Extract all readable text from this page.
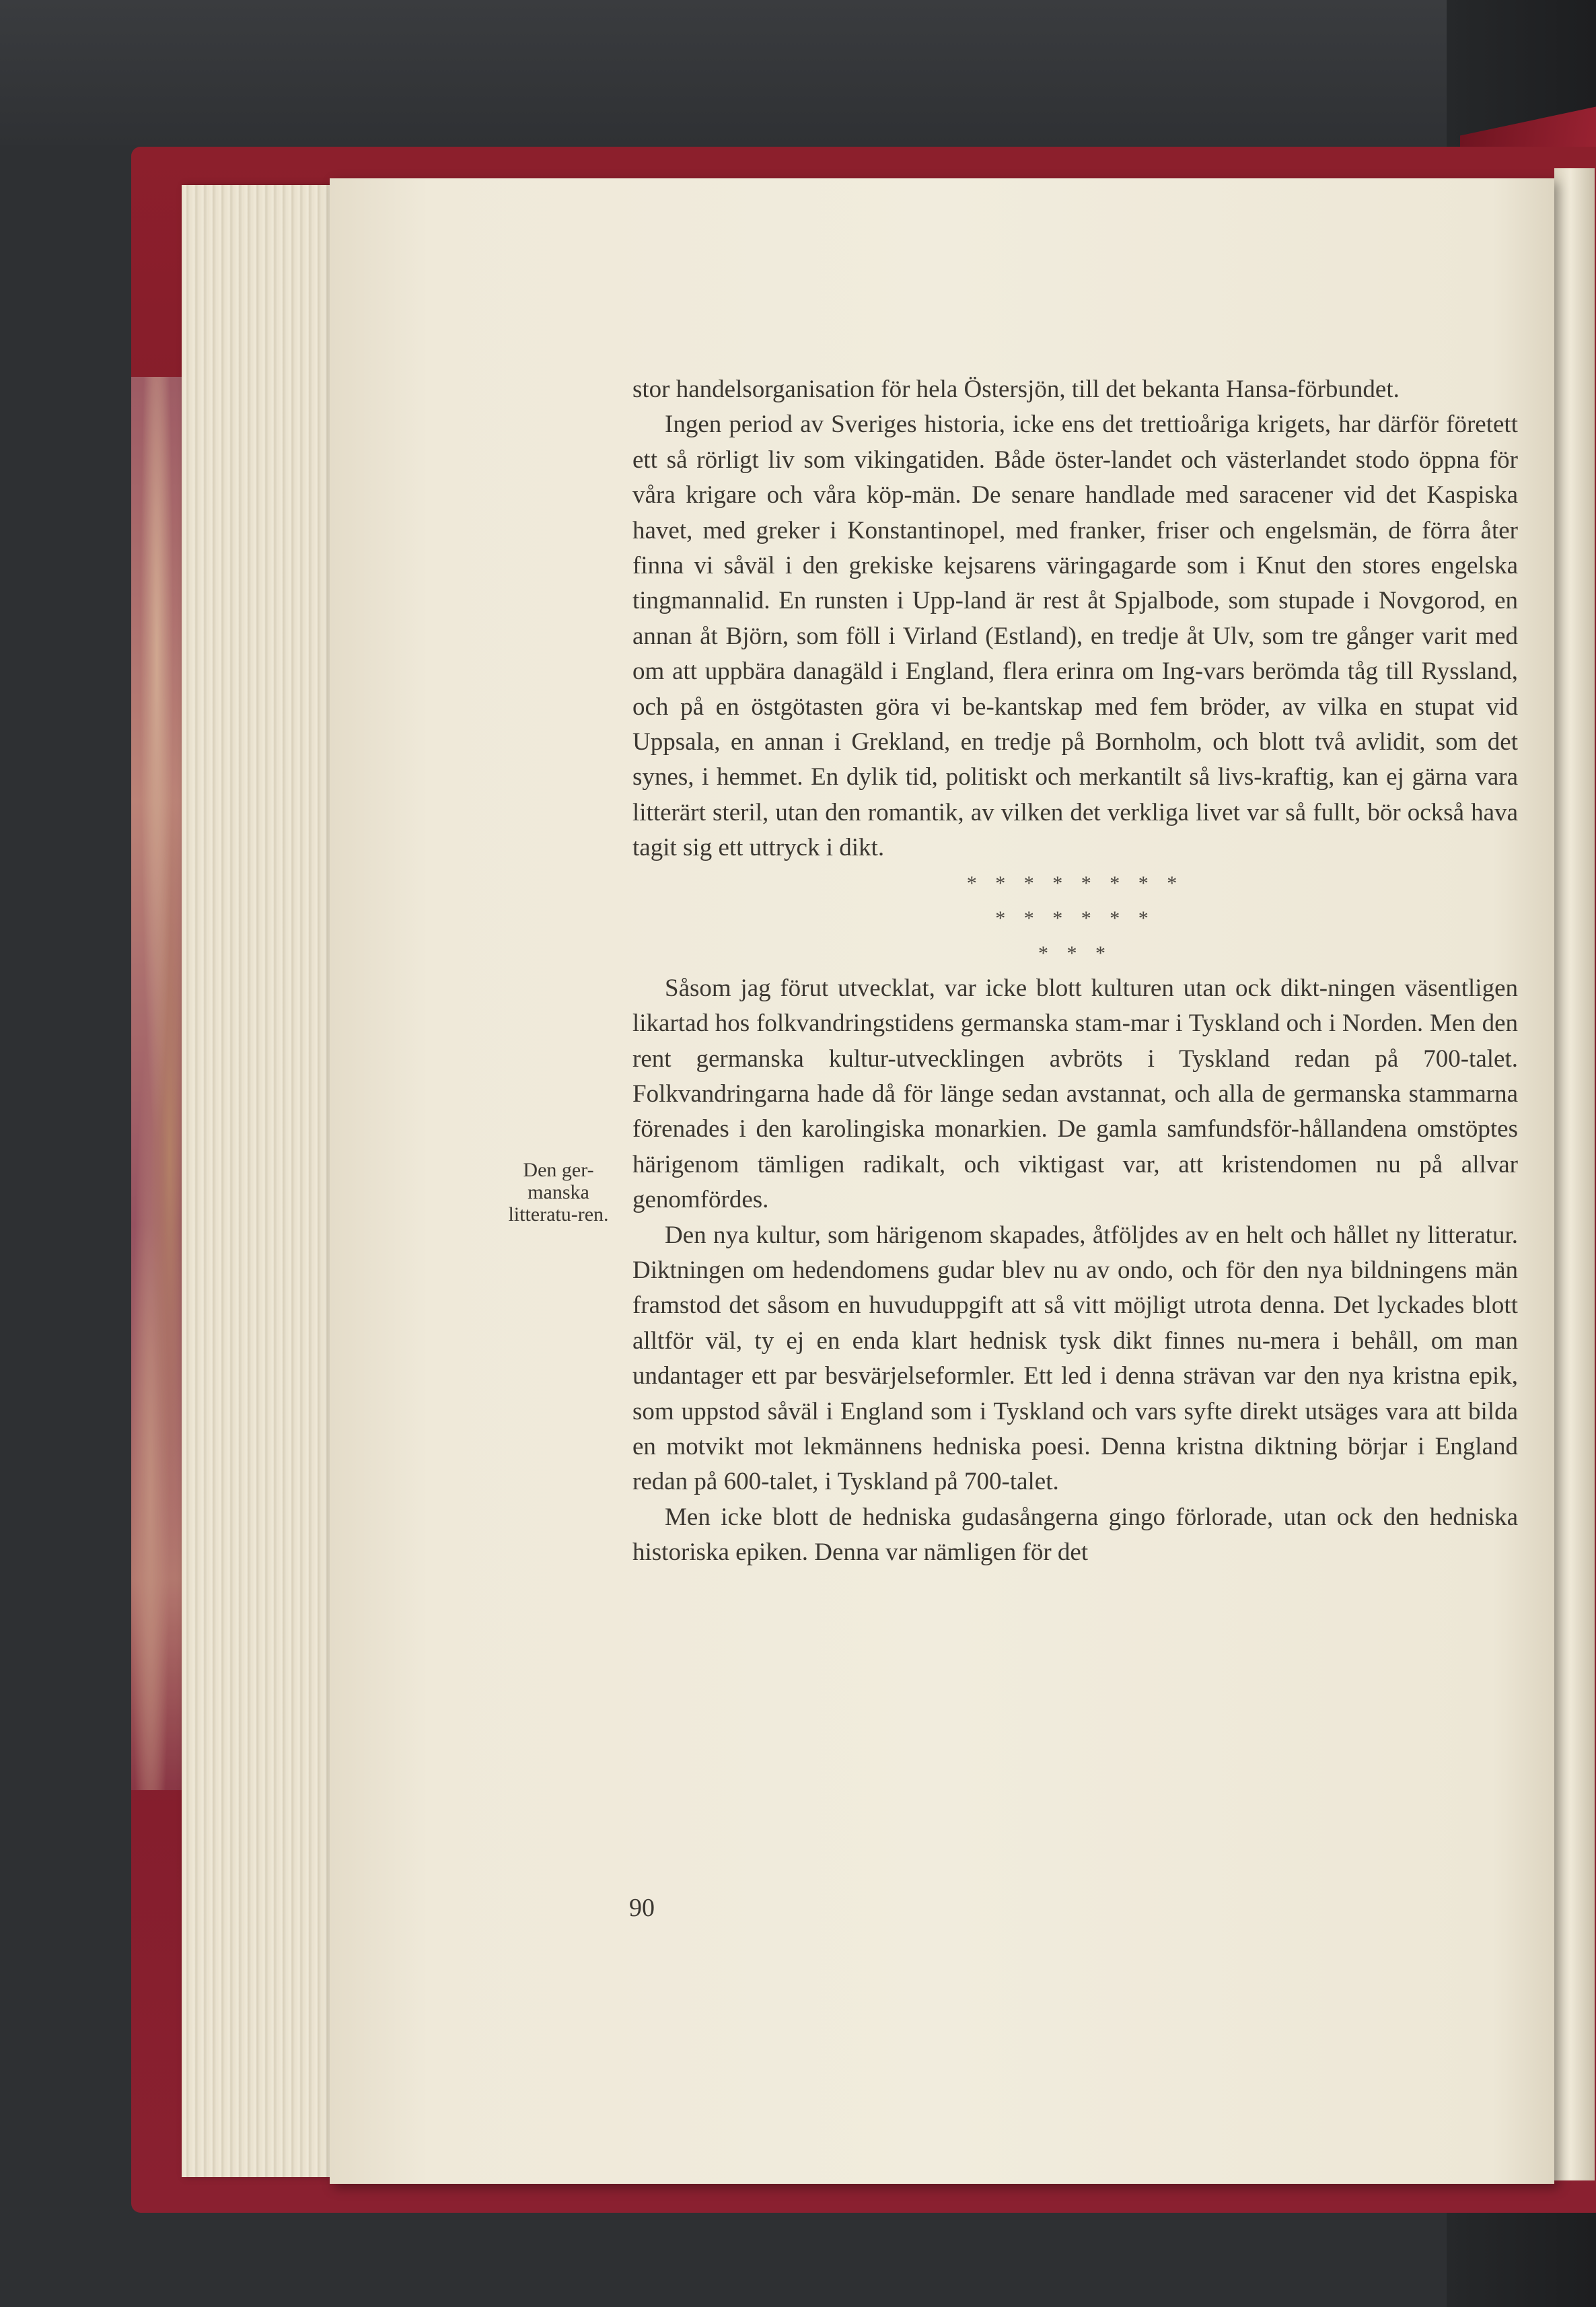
stor handelsorganisation för hela Östersjön, till det bekanta Hansa-förbundet.

Ingen period av Sveriges historia, icke ens det trettioåriga krigets, har därför företett ett så rörligt liv som vikingatiden. Både öster-landet och västerlandet stodo öppna för våra krigare och våra köp-män. De senare handlade med saracener vid det Kaspiska havet, med greker i Konstantinopel, med franker, friser och engelsmän, de förra åter finna vi såväl i den grekiske kejsarens väringagarde som i Knut den stores engelska tingmannalid. En runsten i Upp-land är rest åt Spjalbode, som stupade i Novgorod, en annan åt Björn, som föll i Virland (Estland), en tredje åt Ulv, som tre gånger varit med om att uppbära danagäld i England, flera erinra om Ing-vars berömda tåg till Ryssland, och på en östgötasten göra vi be-kantskap med fem bröder, av vilka en stupat vid Uppsala, en annan i Grekland, en tredje på Bornholm, och blott två avlidit, som det synes, i hemmet. En dylik tid, politiskt och merkantilt så livs-kraftig, kan ej gärna vara litterärt steril, utan den romantik, av vilken det verkliga livet var så fullt, bör också hava tagit sig ett uttryck i dikt.

* * * * * * * *
* * * * * *
* * *

Såsom jag förut utvecklat, var icke blott kulturen utan ock dikt-ningen väsentligen likartad hos folkvandringstidens germanska stam-mar i Tyskland och i Norden. Men den rent germanska kultur-utvecklingen avbröts i Tyskland redan på 700-talet. Folkvandringarna hade då för länge sedan avstannat, och alla de germanska stammarna förenades i den karolingiska monarkien. De gamla samfundsför-hållandena omstöptes härigenom tämligen radikalt, och viktigast var, att kristendomen nu på allvar genomfördes.

Den nya kultur, som härigenom skapades, åtföljdes av en helt och hållet ny litteratur. Diktningen om hedendomens gudar blev nu av ondo, och för den nya bildningens män framstod det såsom en huvuduppgift att så vitt möjligt utrota denna. Det lyckades blott alltför väl, ty ej en enda klart hednisk tysk dikt finnes nu-mera i behåll, om man undantager ett par besvärjelseformler. Ett led i denna strävan var den nya kristna epik, som uppstod såväl i England som i Tyskland och vars syfte direkt utsäges vara att bilda en motvikt mot lekmännens hedniska poesi. Denna kristna diktning börjar i England redan på 600-talet, i Tyskland på 700-talet.

Men icke blott de hedniska gudasångerna gingo förlorade, utan ock den hedniska historiska epiken. Denna var nämligen för det

Den ger-manska litteratu-ren.
90
